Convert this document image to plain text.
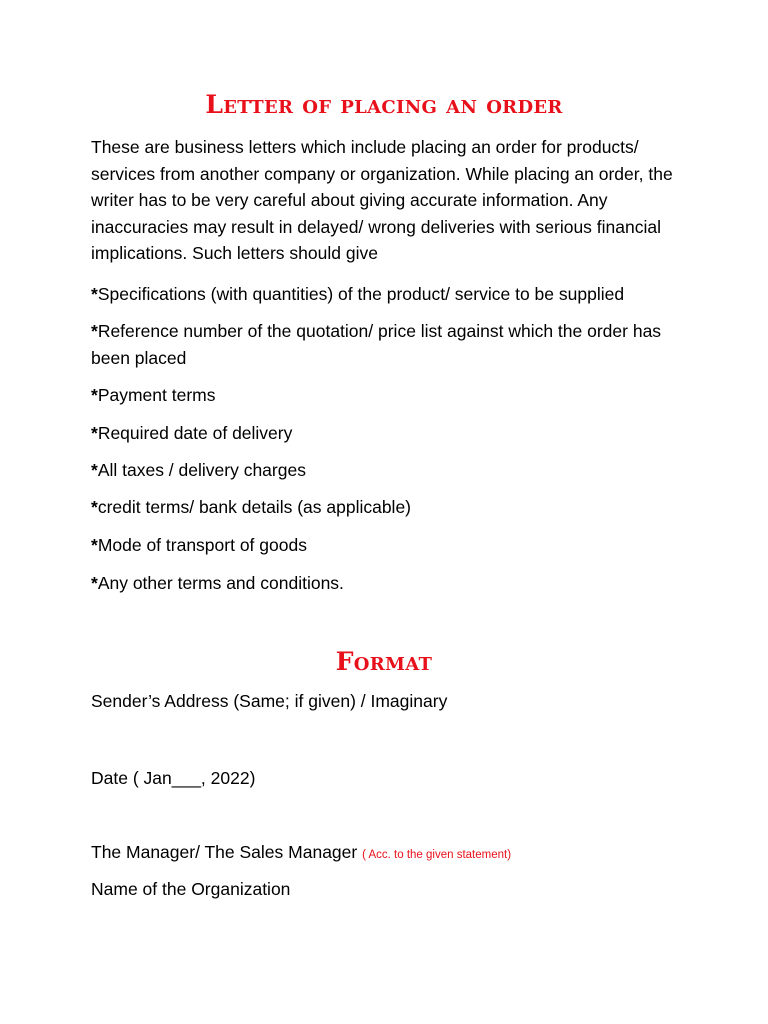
Letter of placing an order

These are business letters which include placing an order for products/ services from another company or organization. While placing an order, the writer has to be very careful about giving accurate information. Any inaccuracies may result in delayed/ wrong deliveries with serious financial implications. Such letters should give

*Specifications (with quantities) of the product/ service to be supplied

*Reference number of the quotation/ price list against which the order has been placed

*Payment terms

*Required date of delivery

*All taxes / delivery charges

*credit terms/ bank details (as applicable)

*Mode of transport of goods

*Any other terms and conditions.

Format

Sender’s Address (Same; if given) / Imaginary

Date ( Jan___, 2022)

The Manager/ The Sales Manager ( Acc. to the given statement)

Name of the Organization
